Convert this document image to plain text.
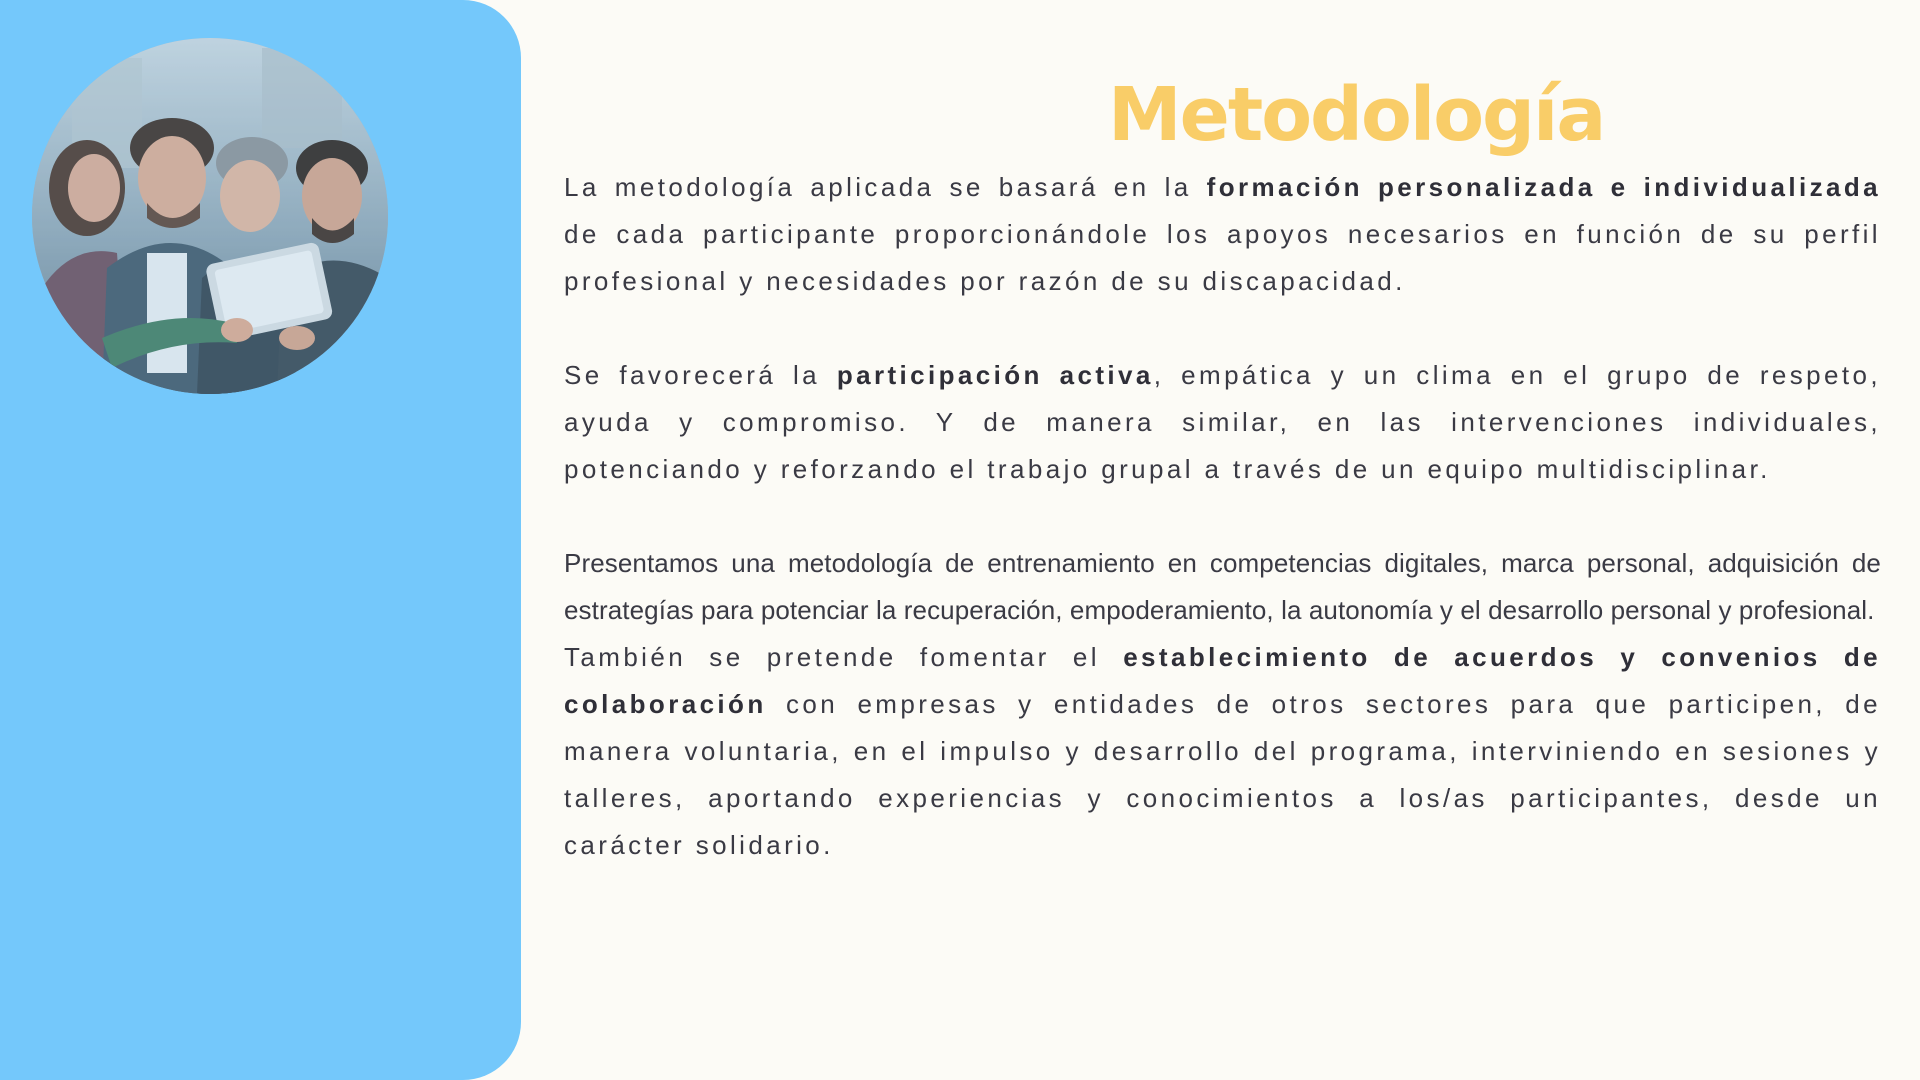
Metodología

La metodología aplicada se basará en la formación personalizada e individualizada de cada participante proporcionándole los apoyos necesarios en función de su perfil profesional y necesidades por razón de su discapacidad.

Se favorecerá la participación activa, empática y un clima en el grupo de respeto, ayuda y compromiso. Y de manera similar, en las intervenciones individuales, potenciando y reforzando el trabajo grupal a través de un equipo multidisciplinar.

Presentamos una metodología de entrenamiento en competencias digitales, marca personal, adquisición de estrategías para potenciar la recuperación, empoderamiento, la autonomía y el desarrollo personal y profesional.

También se pretende fomentar el establecimiento de acuerdos y convenios de colaboración con empresas y entidades de otros sectores para que participen, de manera voluntaria, en el impulso y desarrollo del programa, interviniendo en sesiones y talleres, aportando experiencias y conocimientos a los/as participantes, desde un carácter solidario.
